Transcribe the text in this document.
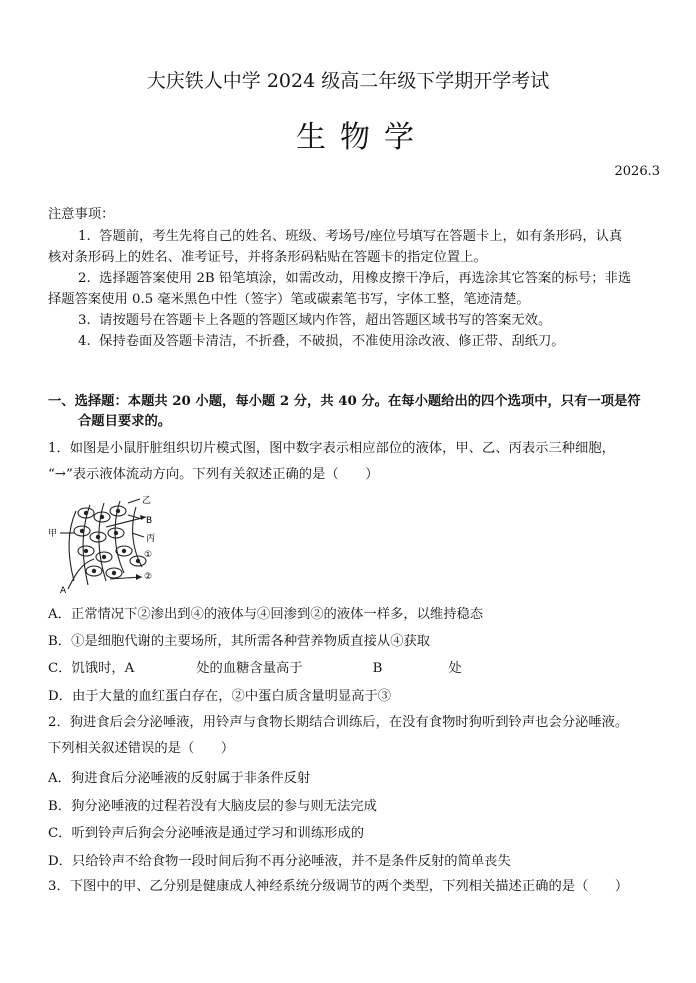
大庆铁人中学 2024 级高二年级下学期开学考试
生物学
2026.3
注意事项：
1. 答题前，考生先将自己的姓名、班级、考场号/座位号填写在答题卡上，如有条形码，认真
核对条形码上的姓名、准考证号，并将条形码粘贴在答题卡的指定位置上。
2. 选择题答案使用 2B 铅笔填涂，如需改动，用橡皮擦干净后，再选涂其它答案的标号；非选
择题答案使用 0.5 毫米黑色中性（签字）笔或碳素笔书写，字体工整，笔迹清楚。
3. 请按题号在答题卡上各题的答题区域内作答，超出答题区域书写的答案无效。
4. 保持卷面及答题卡清洁，不折叠，不破损，不准使用涂改液、修正带、刮纸刀。
一、选择题：本题共 20 小题，每小题 2 分，共 40 分。在每小题给出的四个选项中，只有一项是符
合题目要求的。
1．如图是小鼠肝脏组织切片模式图，图中数字表示相应部位的液体，甲、乙、丙表示三种细胞，
“→”表示液体流动方向。下列有关叙述正确的是（　　）
甲
乙
B
丙
①
②
A
A．正常情况下②渗出到④的液体与④回渗到②的液体一样多，以维持稳态
B．①是细胞代谢的主要场所，其所需各种营养物质直接从④获取
C．饥饿时，A	处的血糖含量高于	B	处
D．由于大量的血红蛋白存在，②中蛋白质含量明显高于③
2．狗进食后会分泌唾液，用铃声与食物长期结合训练后，在没有食物时狗听到铃声也会分泌唾液。
下列相关叙述错误的是（　　）
A．狗进食后分泌唾液的反射属于非条件反射
B．狗分泌唾液的过程若没有大脑皮层的参与则无法完成
C．听到铃声后狗会分泌唾液是通过学习和训练形成的
D．只给铃声不给食物一段时间后狗不再分泌唾液，并不是条件反射的简单丧失
3．下图中的甲、乙分别是健康成人神经系统分级调节的两个类型，下列相关描述正确的是（　　）
